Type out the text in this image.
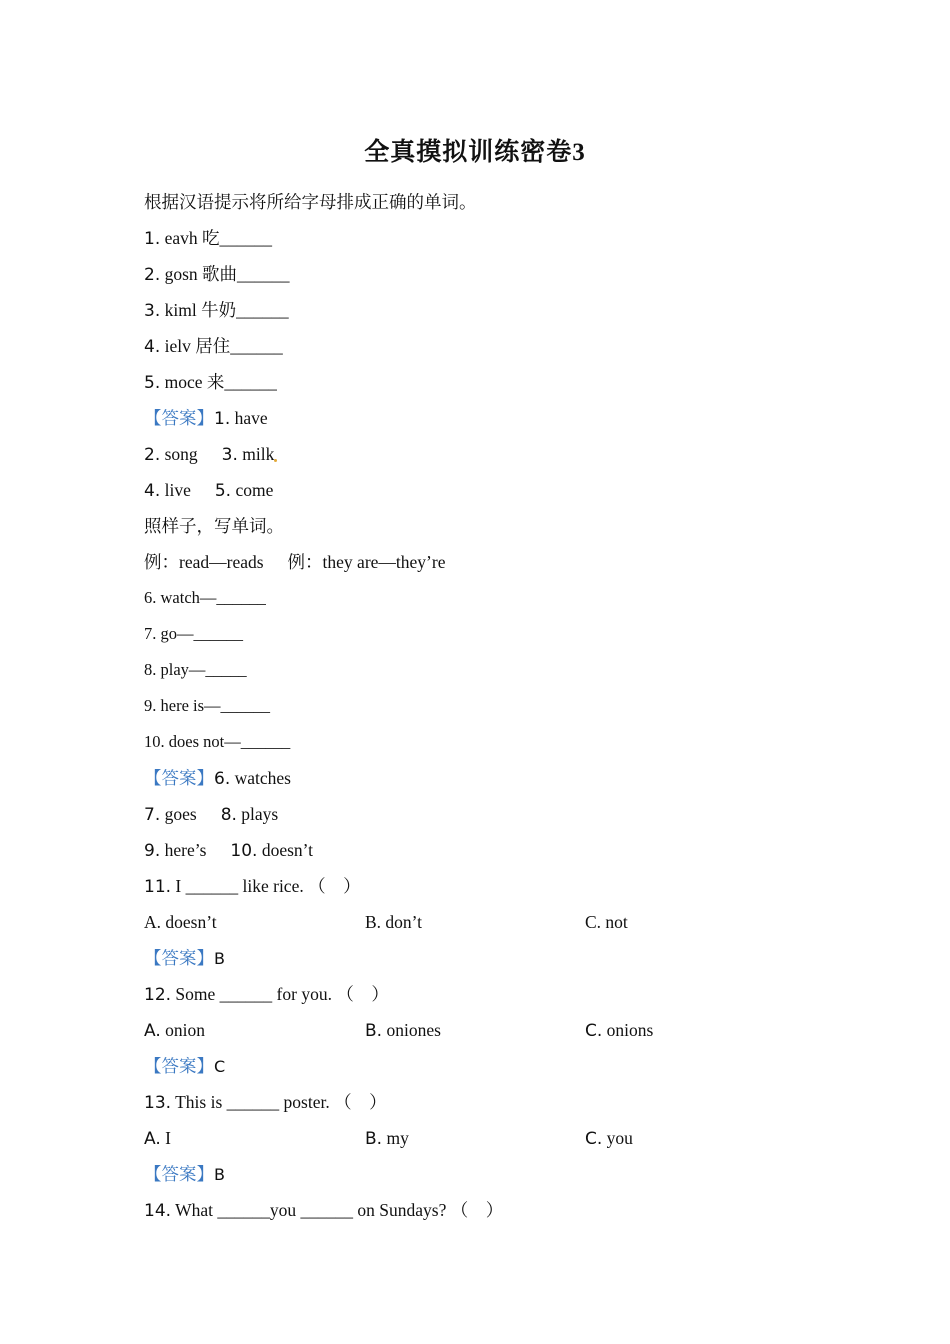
全真摸拟训练密卷3
根据汉语提示将所给字母排成正确的单词。
1. eavh 吃______
2. gosn 歌曲______
3. kiml 牛奶______
4. ielv 居住______
5. moce 来______
【答案】1. have
2. song 3. milk
4. live 5. come
照样子，写单词。
例：read—reads 例：they are—they’re
6. watch—______
7. go—______
8. play—_____
9. here is—______
10. does not—______
【答案】6. watches
7. goes 8. plays
9. here’s 10. doesn’t
11. I ______ like rice. （　）
A. doesn’t	B. don’t	C. not
【答案】B
12. Some ______ for you. （　）
A. onion	B. oniones	C. onions
【答案】C
13. This is ______ poster. （　）
A. I	B. my	C. you
【答案】B
14. What ______you ______ on Sundays? （　）
